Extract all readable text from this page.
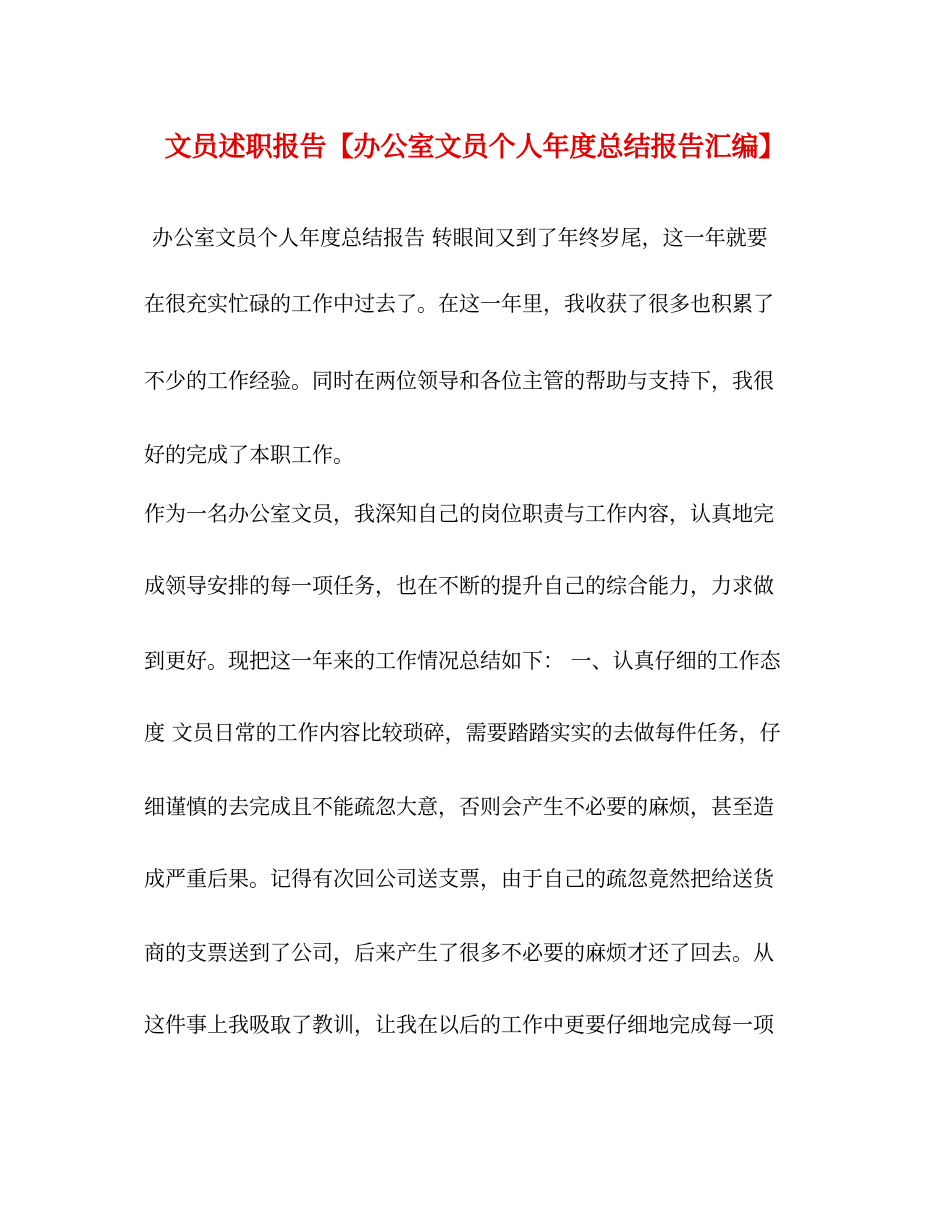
文员述职报告【办公室文员个人年度总结报告汇编】
办公室文员个人年度总结报告 转眼间又到了年终岁尾，这一年就要
在很充实忙碌的工作中过去了。在这一年里，我收获了很多也积累了
不少的工作经验。同时在两位领导和各位主管的帮助与支持下，我很
好的完成了本职工作。
作为一名办公室文员，我深知自己的岗位职责与工作内容，认真地完
成领导安排的每一项任务，也在不断的提升自己的综合能力，力求做
到更好。现把这一年来的工作情况总结如下： 一、认真仔细的工作态
度 文员日常的工作内容比较琐碎，需要踏踏实实的去做每件任务，仔
细谨慎的去完成且不能疏忽大意，否则会产生不必要的麻烦，甚至造
成严重后果。记得有次回公司送支票，由于自己的疏忽竟然把给送货
商的支票送到了公司，后来产生了很多不必要的麻烦才还了回去。从
这件事上我吸取了教训，让我在以后的工作中更要仔细地完成每一项
